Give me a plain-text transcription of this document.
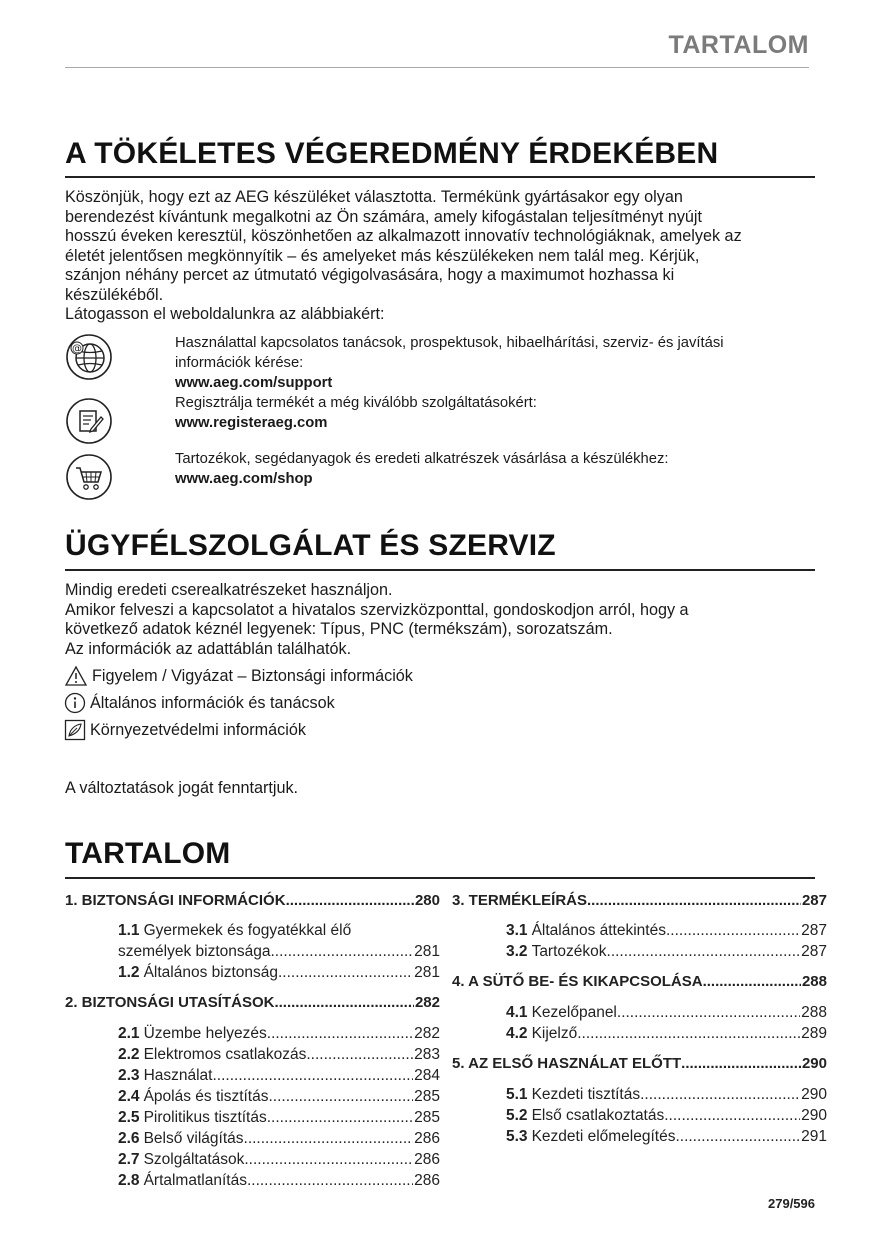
TARTALOM
A TÖKÉLETES VÉGEREDMÉNY ÉRDEKÉBEN
Köszönjük, hogy ezt az AEG készüléket választotta. Termékünk gyártásakor egy olyan
berendezést kívántunk megalkotni az Ön számára, amely kifogástalan teljesítményt nyújt
hosszú éveken keresztül, köszönhetően az alkalmazott innovatív technológiáknak, amelyek az
életét jelentősen megkönnyítik – és amelyeket más készülékeken nem talál meg. Kérjük,
szánjon néhány percet az útmutató végigolvasására, hogy a maximumot hozhassa ki
készülékéből.
Látogasson el weboldalunkra az alábbiakért:
@	Használattal kapcsolatos tanácsok, prospektusok, hibaelhárítási, szerviz- és javítási
információk kérése:
www.aeg.com/support
Regisztrálja termékét a még kiválóbb szolgáltatásokért:
www.registeraeg.com
Tartozékok, segédanyagok és eredeti alkatrészek vásárlása a készülékhez:
www.aeg.com/shop
ÜGYFÉLSZOLGÁLAT ÉS SZERVIZ
Mindig eredeti cserealkatrészeket használjon.
Amikor felveszi a kapcsolatot a hivatalos szervizközponttal, gondoskodjon arról, hogy a
következő adatok kéznél legyenek: Típus, PNC (termékszám), sorozatszám.
Az információk az adattáblán találhatók.
Figyelem / Vigyázat – Biztonsági információk
Általános információk és tanácsok
Környezetvédelmi információk
A változtatások jogát fenntartjuk.
TARTALOM
1. BIZTONSÁGI INFORMÁCIÓK .....	280
1.1 Gyermekek és fogyatékkal élő
személyek biztonsága .....	281
1.2 Általános biztonság .....	281
2. BIZTONSÁGI UTASÍTÁSOK .....	282
2.1 Üzembe helyezés .....	282
2.2 Elektromos csatlakozás .....	283
2.3 Használat .....	284
2.4 Ápolás és tisztítás .....	285
2.5 Pirolitikus tisztítás .....	285
2.6 Belső világítás .....	286
2.7 Szolgáltatások .....	286
2.8 Ártalmatlanítás .....	286
3. TERMÉKLEÍRÁS .....	287
3.1 Általános áttekintés .....	287
3.2 Tartozékok .....	287
4. A SÜTŐ BE- ÉS KIKAPCSOLÁSA .....	288
4.1 Kezelőpanel .....	288
4.2 Kijelző .....	289
5. AZ ELSŐ HASZNÁLAT ELŐTT .....	290
5.1 Kezdeti tisztítás .....	290
5.2 Első csatlakoztatás .....	290
5.3 Kezdeti előmelegítés .....	291
279/596
